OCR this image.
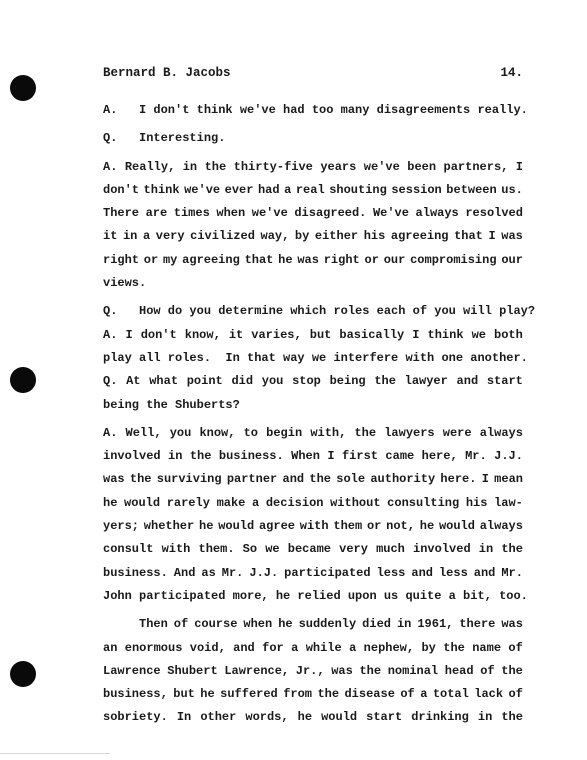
Bernard B. Jacobs	14.
A.   I don't think we've had too many disagreements really.
Q.   Interesting.
A. Really, in the thirty-five years we've been partners, I
don't think we've ever had a real shouting session between us.
There are times when we've disagreed. We've always resolved
it in a very civilized way, by either his agreeing that I was
right or my agreeing that he was right or our compromising our
views.
Q.   How do you determine which roles each of you will play?
A. I don't know, it varies, but basically I think we both
play all roles.  In that way we interfere with one another.
Q. At what point did you stop being the lawyer and start
being the Shuberts?
A. Well, you know, to begin with, the lawyers were always
involved in the business. When I first came here, Mr. J.J.
was the surviving partner and the sole authority here. I mean
he would rarely make a decision without consulting his law-
yers; whether he would agree with them or not, he would always
consult with them. So we became very much involved in the
business. And as Mr. J.J. participated less and less and Mr.
John participated more, he relied upon us quite a bit, too.
Then of course when he suddenly died in 1961, there was
an enormous void, and for a while a nephew, by the name of
Lawrence Shubert Lawrence, Jr., was the nominal head of the
business, but he suffered from the disease of a total lack of
sobriety. In other words, he would start drinking in the
